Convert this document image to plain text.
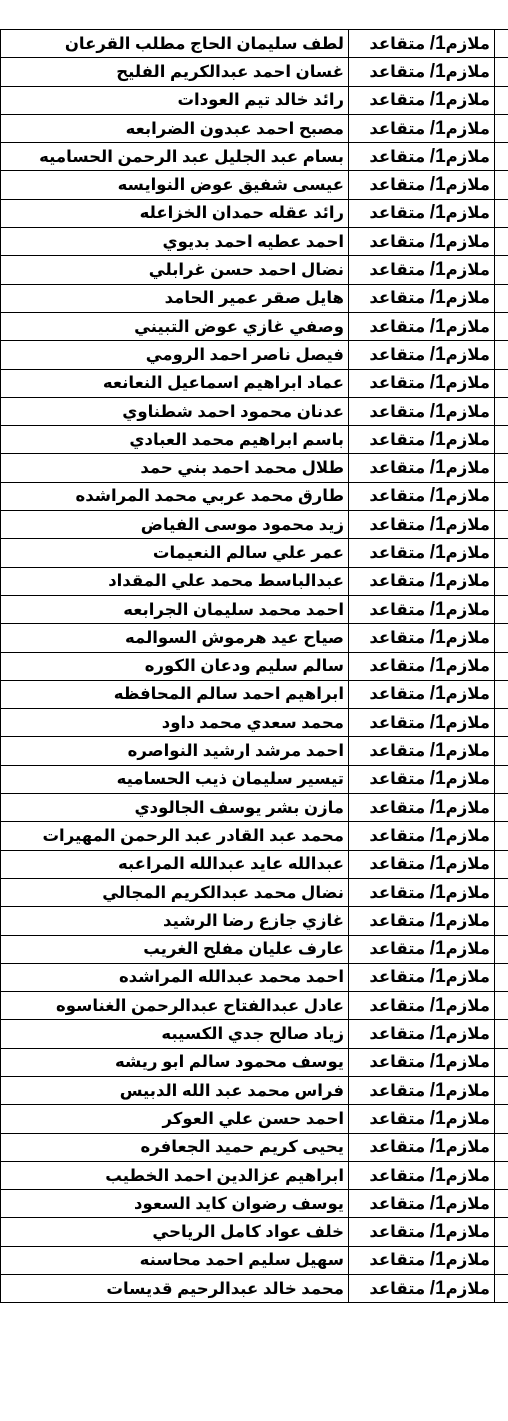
لطف سليمان الحاج مطلب القرعان	ملازم1/ متقاعد	
غسان احمد عبدالكريم الفليح	ملازم1/ متقاعد	
رائد خالد تيم العودات	ملازم1/ متقاعد	
مصبح احمد عبدون الضرابعه	ملازم1/ متقاعد	
بسام عبد الجليل عبد الرحمن الحساميه	ملازم1/ متقاعد	
عيسى شفيق عوض النوايسه	ملازم1/ متقاعد	
رائد عقله حمدان الخزاعله	ملازم1/ متقاعد	
احمد عطيه احمد بديوي	ملازم1/ متقاعد	
نضال احمد حسن غرابلي	ملازم1/ متقاعد	
هايل صقر عمير الحامد	ملازم1/ متقاعد	
وصفي غازي عوض التبيني	ملازم1/ متقاعد	
فيصل ناصر احمد الرومي	ملازم1/ متقاعد	
عماد ابراهيم اسماعيل النعانعه	ملازم1/ متقاعد	
عدنان محمود احمد شطناوي	ملازم1/ متقاعد	
باسم ابراهيم محمد العبادي	ملازم1/ متقاعد	
طلال محمد احمد بني حمد	ملازم1/ متقاعد	
طارق محمد عربي محمد المراشده	ملازم1/ متقاعد	
زيد محمود موسى الفياض	ملازم1/ متقاعد	
عمر علي سالم النعيمات	ملازم1/ متقاعد	
عبدالباسط محمد علي المقداد	ملازم1/ متقاعد	
احمد محمد سليمان الجرابعه	ملازم1/ متقاعد	
صياح عيد هرموش السوالمه	ملازم1/ متقاعد	
سالم سليم ودعان الكوره	ملازم1/ متقاعد	
ابراهيم احمد سالم المحافظه	ملازم1/ متقاعد	
محمد سعدي محمد داود	ملازم1/ متقاعد	
احمد مرشد ارشيد النواصره	ملازم1/ متقاعد	
تيسير سليمان ذيب الحساميه	ملازم1/ متقاعد	
مازن بشر يوسف الجالودي	ملازم1/ متقاعد	
محمد عبد القادر عبد الرحمن المهيرات	ملازم1/ متقاعد	
عبدالله عايد عبدالله المراعبه	ملازم1/ متقاعد	
نضال محمد عبدالكريم المجالي	ملازم1/ متقاعد	
غازي جازع رضا الرشيد	ملازم1/ متقاعد	
عارف عليان مفلح الغريب	ملازم1/ متقاعد	
احمد محمد عبدالله المراشده	ملازم1/ متقاعد	
عادل عبدالفتاح عبدالرحمن الغناسوه	ملازم1/ متقاعد	
زياد صالح جدي الكسيبه	ملازم1/ متقاعد	
يوسف محمود سالم ابو ريشه	ملازم1/ متقاعد	
فراس محمد عبد الله الدبيس	ملازم1/ متقاعد	
احمد حسن علي العوكر	ملازم1/ متقاعد	
يحيى كريم حميد الجعافره	ملازم1/ متقاعد	
ابراهيم عزالدين احمد الخطيب	ملازم1/ متقاعد	
يوسف رضوان كايد السعود	ملازم1/ متقاعد	
خلف عواد كامل الرياحي	ملازم1/ متقاعد	
سهيل سليم احمد محاسنه	ملازم1/ متقاعد	
محمد خالد عبدالرحيم قديسات	ملازم1/ متقاعد	
